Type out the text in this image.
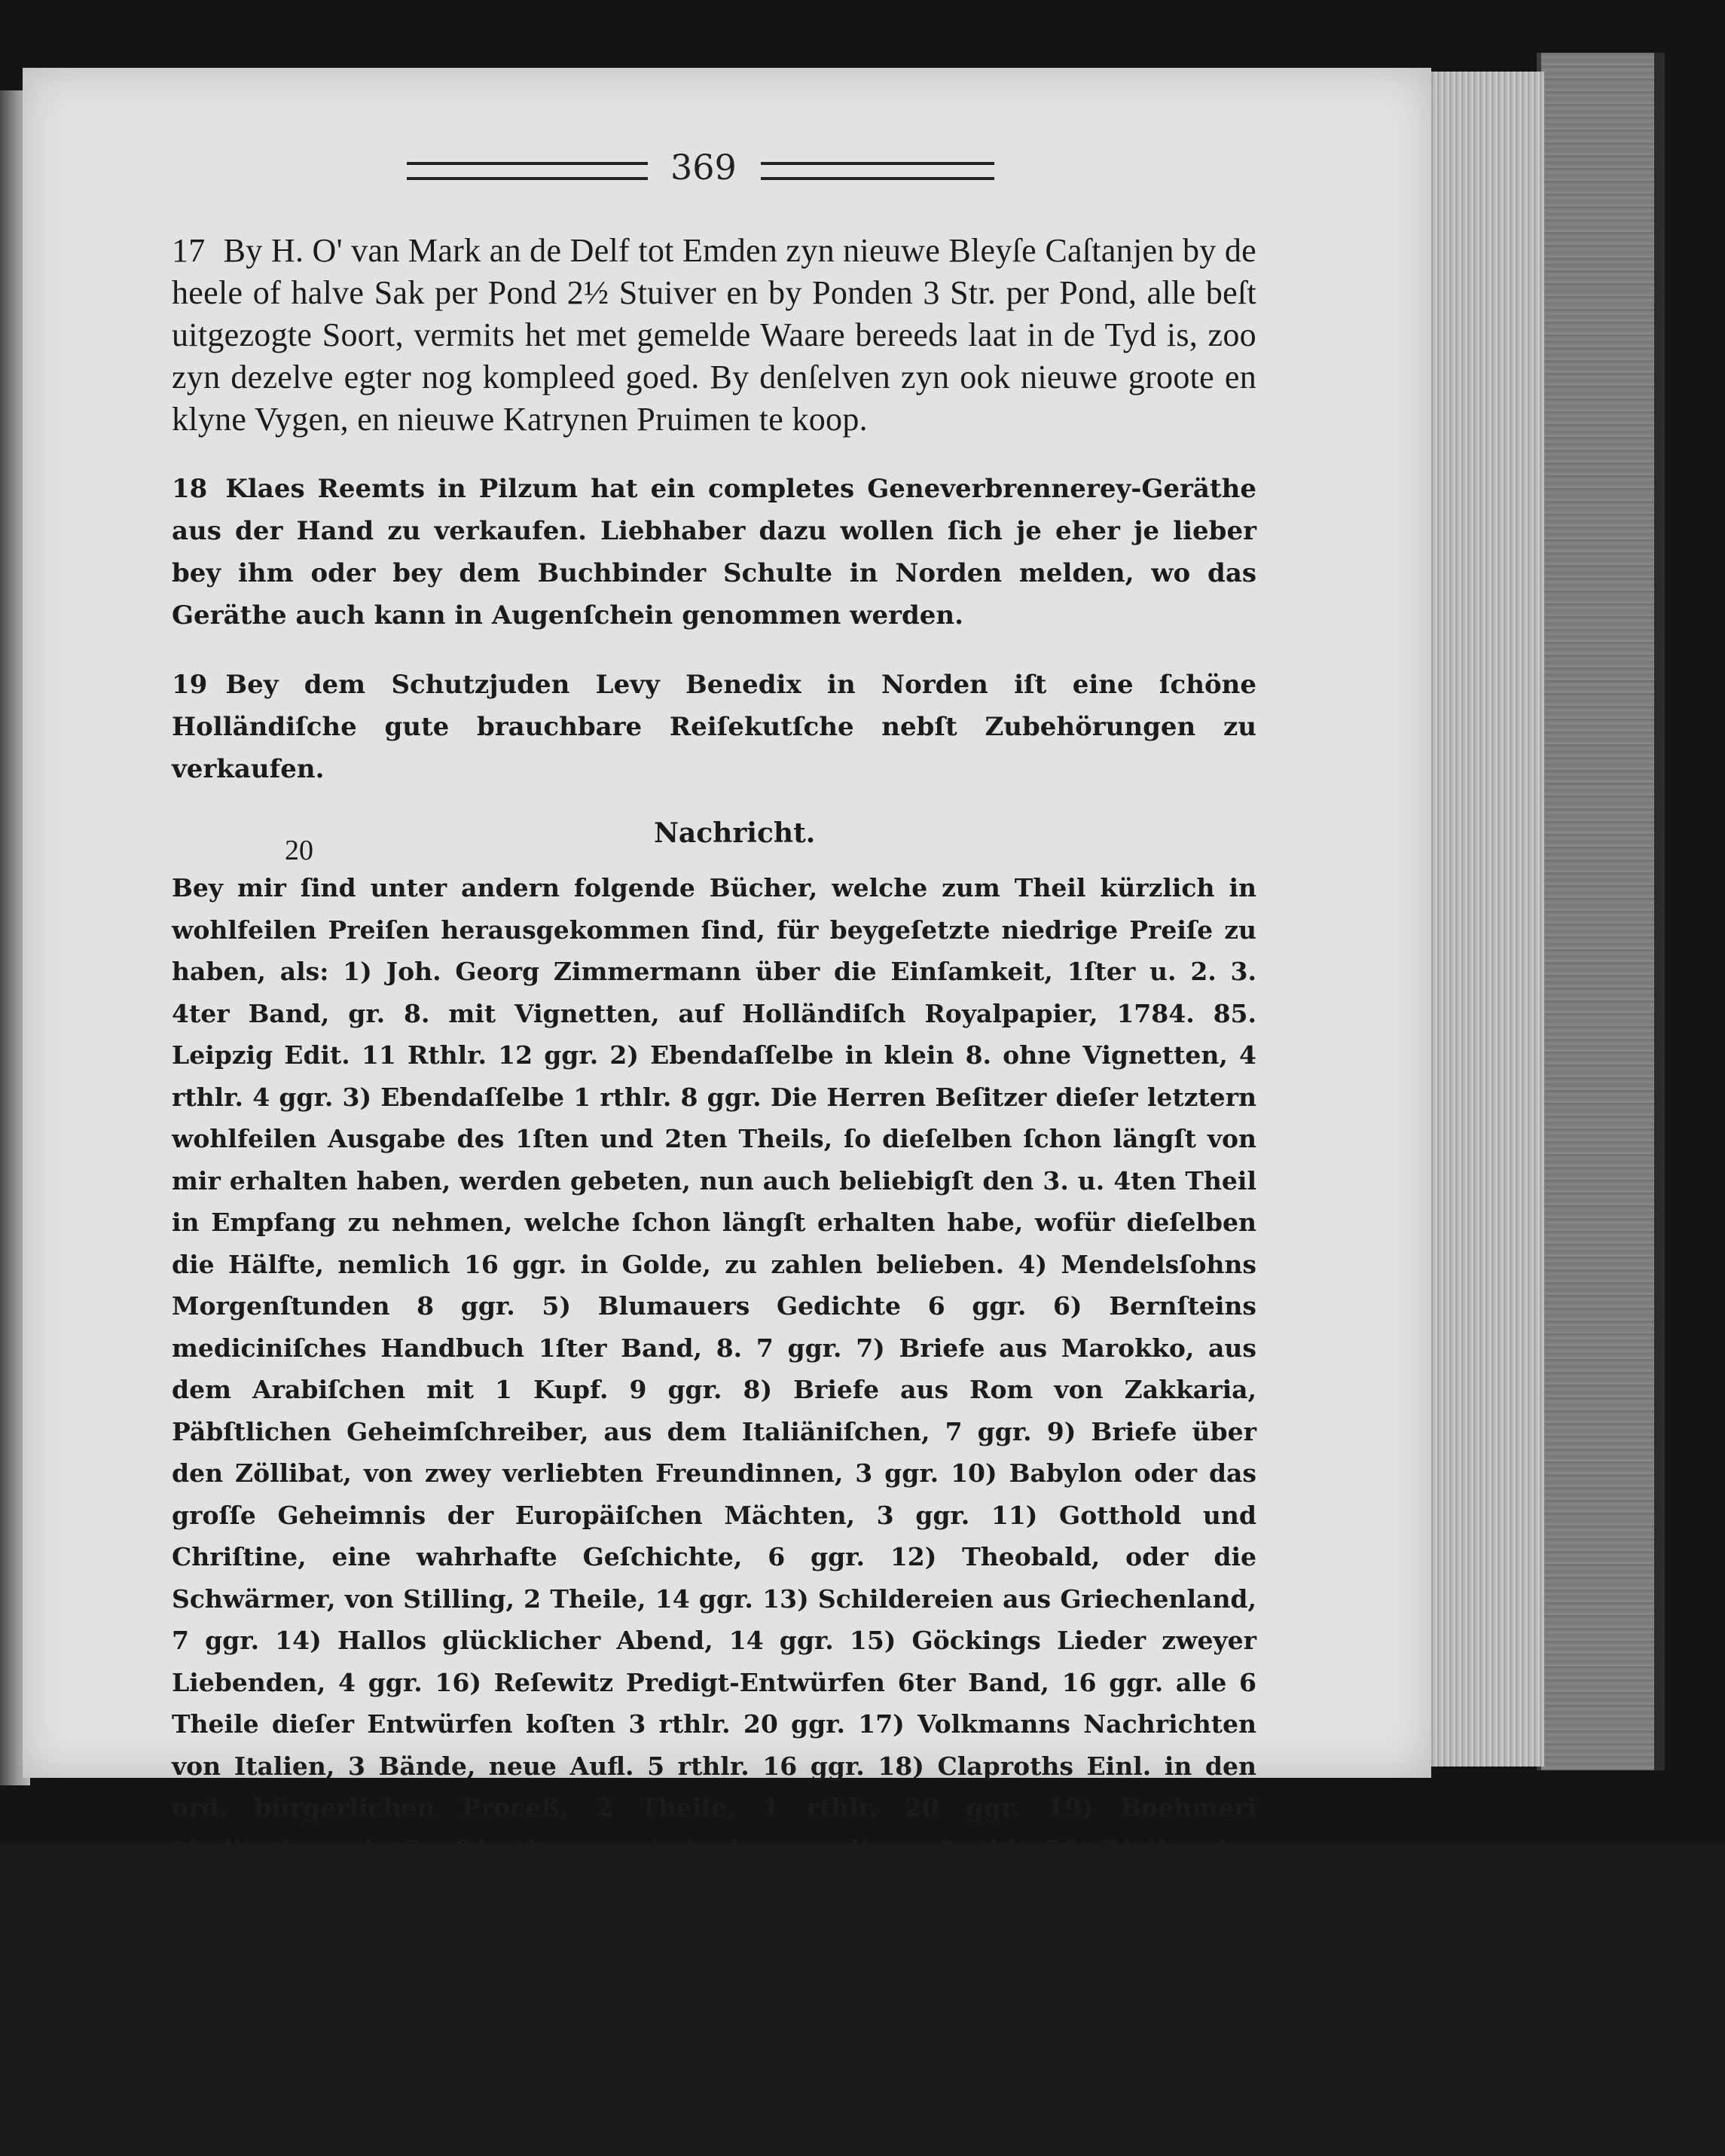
369

17 By H. O' van Mark an de Delf tot Emden zyn nieuwe Bleyſe Caſtanjen by de heele of halve Sak per Pond 2½ Stuiver en by Ponden 3 Str. per Pond, alle beſt uitgezogte Soort, vermits het met gemelde Waare bereeds laat in de Tyd is, zoo zyn dezelve egter nog kompleed goed. By denſelven zyn ook nieuwe groote en klyne Vygen, en nieuwe Katrynen Pruimen te koop.

18 Klaes Reemts in Pilzum hat ein completes Geneverbrennerey-Geräthe aus der Hand zu verkaufen. Liebhaber dazu wollen ſich je eher je lieber bey ihm oder bey dem Buchbinder Schulte in Norden melden, wo das Geräthe auch kann in Augenſchein genommen werden.

19 Bey dem Schutzjuden Levy Benedix in Norden iſt eine ſchöne Holländiſche gute brauchbare Reiſekutſche nebſt Zubehörungen zu verkaufen.

20
Nachricht.

Bey mir ſind unter andern folgende Bücher, welche zum Theil kürzlich in wohlfeilen Preiſen herausgekommen ſind, für beygeſetzte niedrige Preiſe zu haben, als: 1) Joh. Georg Zimmermann über die Einſamkeit, 1ſter u. 2. 3. 4ter Band, gr. 8. mit Vignetten, auf Holländiſch Royalpapier, 1784. 85. Leipzig Edit. 11 Rthlr. 12 ggr. 2) Ebendaſſelbe in klein 8. ohne Vignetten, 4 rthlr. 4 ggr. 3) Ebendaſſelbe 1 rthlr. 8 ggr. Die Herren Beſitzer dieſer letztern wohlfeilen Ausgabe des 1ſten und 2ten Theils, ſo dieſelben ſchon längſt von mir erhalten haben, werden gebeten, nun auch beliebigſt den 3. u. 4ten Theil in Empfang zu nehmen, welche ſchon längſt erhalten habe, wofür dieſelben die Hälfte, nemlich 16 ggr. in Golde, zu zahlen belieben. 4) Mendelsſohns Morgenſtunden 8 ggr. 5) Blumauers Gedichte 6 ggr. 6) Bernſteins mediciniſches Handbuch 1ſter Band, 8. 7 ggr. 7) Briefe aus Marokko, aus dem Arabiſchen mit 1 Kupf. 9 ggr. 8) Briefe aus Rom von Zakkaria, Päbſtlichen Geheimſchreiber, aus dem Italiäniſchen, 7 ggr. 9) Briefe über den Zöllibat, von zwey verliebten Freundinnen, 3 ggr. 10) Babylon oder das groſſe Geheimnis der Europäiſchen Mächten, 3 ggr. 11) Gotthold und Chriſtine, eine wahrhafte Geſchichte, 6 ggr. 12) Theobald, oder die Schwärmer, von Stilling, 2 Theile, 14 ggr. 13) Schildereien aus Griechenland, 7 ggr. 14) Hallos glücklicher Abend, 14 ggr. 15) Göckings Lieder zweyer Liebenden, 4 ggr. 16) Reſewitz Predigt-Entwürfen 6ter Band, 16 ggr. alle 6 Theile dieſer Entwürfen koſten 3 rthlr. 20 ggr. 17) Volkmanns Nachrichten von Italien, 3 Bände, neue Aufl. 5 rthlr. 16 ggr. 18) Claproths Einl. in den ord. bürgerlichen Proceß, 2 Theile, 1 rthlr. 20 ggr. 19) Boehmeri Meditationes in Conſtitutionem criminalem carolinam 5 rthlr. 20) Dictionaire fr. par Friſch nouv. Ed. 1 rthlr. 20 ggr. 21) Hederici Lex. græcum Ed. nova 3 rthlr. 22 ggr. 22) Dictionaire fr. alluſage des deux Nations II Tomi, 8. 3 rthlr. 20 ggr. 23) Bailey engliſch Dictionaire neueſte Edit. 3 rthlr. 12 ggr. 24) Magazin für Prediger, 1. 2. 3. 4ter Theil. 25) Reineccii Janua hebreæ Ling. ed. nova 2 rthlr. 4 ggr. 26) Der Hausvater 1. 2. 3. 4ter Band, 8. Leipzig, 7 rthlr. 18 ggr. 27) Kämpf für Aerzte und

Kran-
